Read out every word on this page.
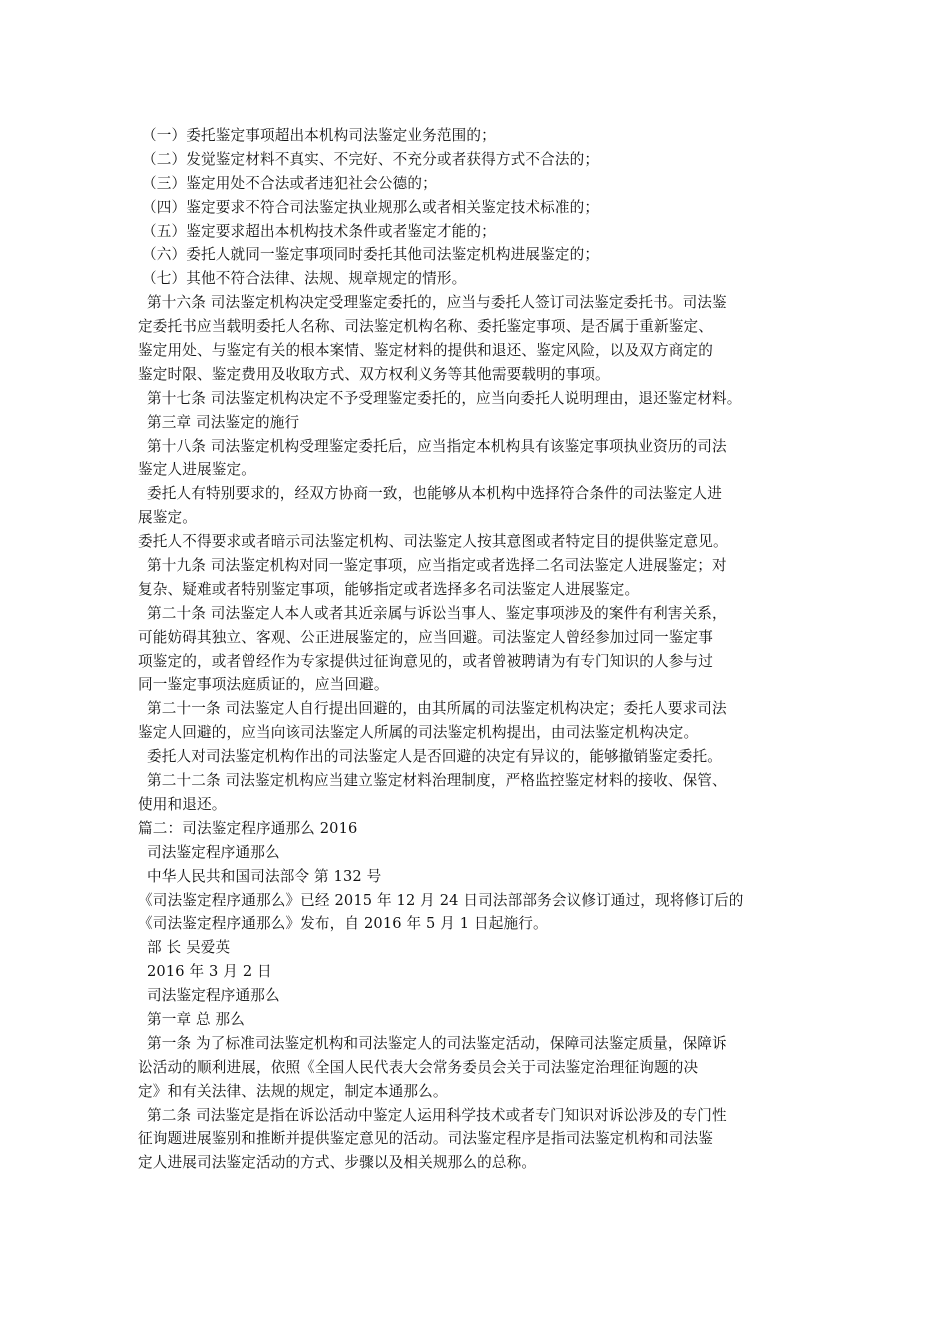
（一）委托鉴定事项超出本机构司法鉴定业务范围的；
（二）发觉鉴定材料不真实、不完好、不充分或者获得方式不合法的；
（三）鉴定用处不合法或者违犯社会公德的；
（四）鉴定要求不符合司法鉴定执业规那么或者相关鉴定技术标准的；
（五）鉴定要求超出本机构技术条件或者鉴定才能的；
（六）委托人就同一鉴定事项同时委托其他司法鉴定机构进展鉴定的；
（七）其他不符合法律、法规、规章规定的情形。
第十六条 司法鉴定机构决定受理鉴定委托的，应当与委托人签订司法鉴定委托书。司法鉴
定委托书应当载明委托人名称、司法鉴定机构名称、委托鉴定事项、是否属于重新鉴定、
鉴定用处、与鉴定有关的根本案情、鉴定材料的提供和退还、鉴定风险，以及双方商定的
鉴定时限、鉴定费用及收取方式、双方权利义务等其他需要载明的事项。
第十七条 司法鉴定机构决定不予受理鉴定委托的，应当向委托人说明理由，退还鉴定材料。
第三章 司法鉴定的施行
第十八条 司法鉴定机构受理鉴定委托后，应当指定本机构具有该鉴定事项执业资历的司法
鉴定人进展鉴定。
委托人有特别要求的，经双方协商一致，也能够从本机构中选择符合条件的司法鉴定人进
展鉴定。
委托人不得要求或者暗示司法鉴定机构、司法鉴定人按其意图或者特定目的提供鉴定意见。
第十九条 司法鉴定机构对同一鉴定事项，应当指定或者选择二名司法鉴定人进展鉴定；对
复杂、疑难或者特别鉴定事项，能够指定或者选择多名司法鉴定人进展鉴定。
第二十条 司法鉴定人本人或者其近亲属与诉讼当事人、鉴定事项涉及的案件有利害关系，
可能妨碍其独立、客观、公正进展鉴定的，应当回避。司法鉴定人曾经参加过同一鉴定事
项鉴定的，或者曾经作为专家提供过征询意见的，或者曾被聘请为有专门知识的人参与过
同一鉴定事项法庭质证的，应当回避。
第二十一条 司法鉴定人自行提出回避的，由其所属的司法鉴定机构决定；委托人要求司法
鉴定人回避的，应当向该司法鉴定人所属的司法鉴定机构提出，由司法鉴定机构决定。
委托人对司法鉴定机构作出的司法鉴定人是否回避的决定有异议的，能够撤销鉴定委托。
第二十二条 司法鉴定机构应当建立鉴定材料治理制度，严格监控鉴定材料的接收、保管、
使用和退还。
篇二：司法鉴定程序通那么 2016
司法鉴定程序通那么
中华人民共和国司法部令 第 132 号
《司法鉴定程序通那么》已经 2015 年 12 月 24 日司法部部务会议修订通过，现将修订后的
《司法鉴定程序通那么》发布，自 2016 年 5 月 1 日起施行。
部 长 吴爱英
2016 年 3 月 2 日
司法鉴定程序通那么
第一章 总 那么
第一条 为了标准司法鉴定机构和司法鉴定人的司法鉴定活动，保障司法鉴定质量，保障诉
讼活动的顺利进展，依照《全国人民代表大会常务委员会关于司法鉴定治理征询题的决
定》和有关法律、法规的规定，制定本通那么。
第二条 司法鉴定是指在诉讼活动中鉴定人运用科学技术或者专门知识对诉讼涉及的专门性
征询题进展鉴别和推断并提供鉴定意见的活动。司法鉴定程序是指司法鉴定机构和司法鉴
定人进展司法鉴定活动的方式、步骤以及相关规那么的总称。
